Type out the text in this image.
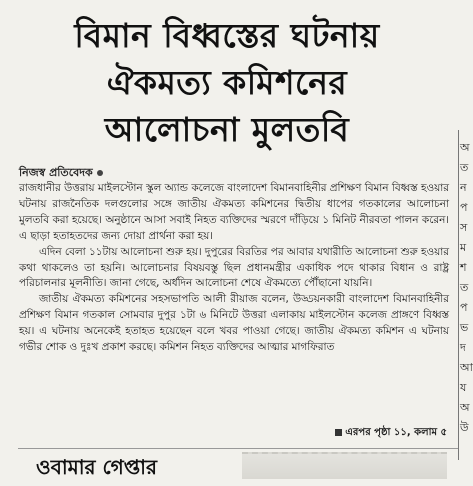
বিমান বিধ্বস্তের ঘটনায়
ঐকমত্য কমিশনের
আলোচনা মুলতবি	অ
ত
ন
প
স
ম
শ
ত
প
ভ
দ
আ
য
অ
উ
নিজস্ব প্রতিবেদক

রাজধানীর উত্তরায় মাইলস্টোন স্কুল অ্যান্ড কলেজে বাংলাদেশ বিমানবাহিনীর প্রশিক্ষণ বিমান বিধ্বস্ত হওয়ার ঘটনায় রাজনৈতিক দলগুলোর সঙ্গে জাতীয় ঐকমত্য কমিশনের দ্বিতীয় ধাপের গতকালের আলোচনা মুলতবি করা হয়েছে। অনুষ্ঠানে আসা সবাই নিহত ব্যক্তিদের স্মরণে দাঁড়িয়ে ১ মিনিট নীরবতা পালন করেন। এ ছাড়া হতাহতদের জন্য দোয়া প্রার্থনা করা হয়।

এদিন বেলা ১১টায় আলোচনা শুরু হয়। দুপুরের বিরতির পর আবার যথারীতি আলোচনা শুরু হওয়ার কথা থাকলেও তা হয়নি। আলোচনার বিষয়বস্তু ছিল প্রধানমন্ত্রীর একাধিক পদে থাকার বিধান ও রাষ্ট্র পরিচালনার মূলনীতি। জানা গেছে, অর্ধদিন আলোচনা শেষে ঐকমত্যে পৌঁছানো যায়নি।

জাতীয় ঐকমত্য কমিশনের সহসভাপতি আলী রীয়াজ বলেন, উড্ডয়নকারী বাংলাদেশ বিমানবাহিনীর প্রশিক্ষণ বিমান গতকাল সোমবার দুপুর ১টা ৬ মিনিটে উত্তরা এলাকায় মাইলস্টোন কলেজ প্রাঙ্গণে বিধ্বস্ত হয়। এ ঘটনায় অনেকেই হতাহত হয়েছেন বলে খবর পাওয়া গেছে। জাতীয় ঐকমত্য কমিশন এ ঘটনায় গভীর শোক ও দুঃখ প্রকাশ করছে। কমিশন নিহত ব্যক্তিদের আত্মার মাগফিরাত

এরপর পৃষ্ঠা ১১, কলাম ৫
ওবামার গেপ্তার
